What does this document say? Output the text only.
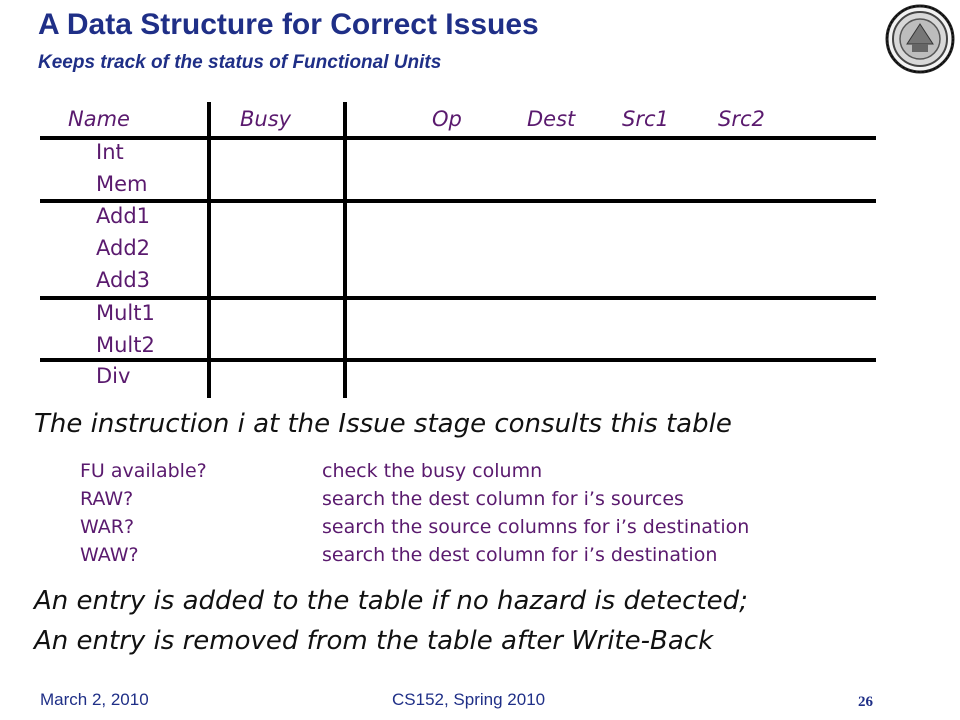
A Data Structure for Correct Issues
Keeps track of the status of Functional Units
Name	Busy	Op	Dest Src1 Src2
Int
Mem
Add1
Add2
Add3
Mult1
Mult2
Div
The instruction i at the Issue stage consults this table
FU available?	check the busy column
RAW?	search the dest column for i’s sources
WAR?	search the source columns for i’s destination
WAW?	search the dest column for i’s destination
An entry is added to the table if no hazard is detected;
An entry is removed from the table after Write-Back
March 2, 2010	CS152, Spring 2010	26
